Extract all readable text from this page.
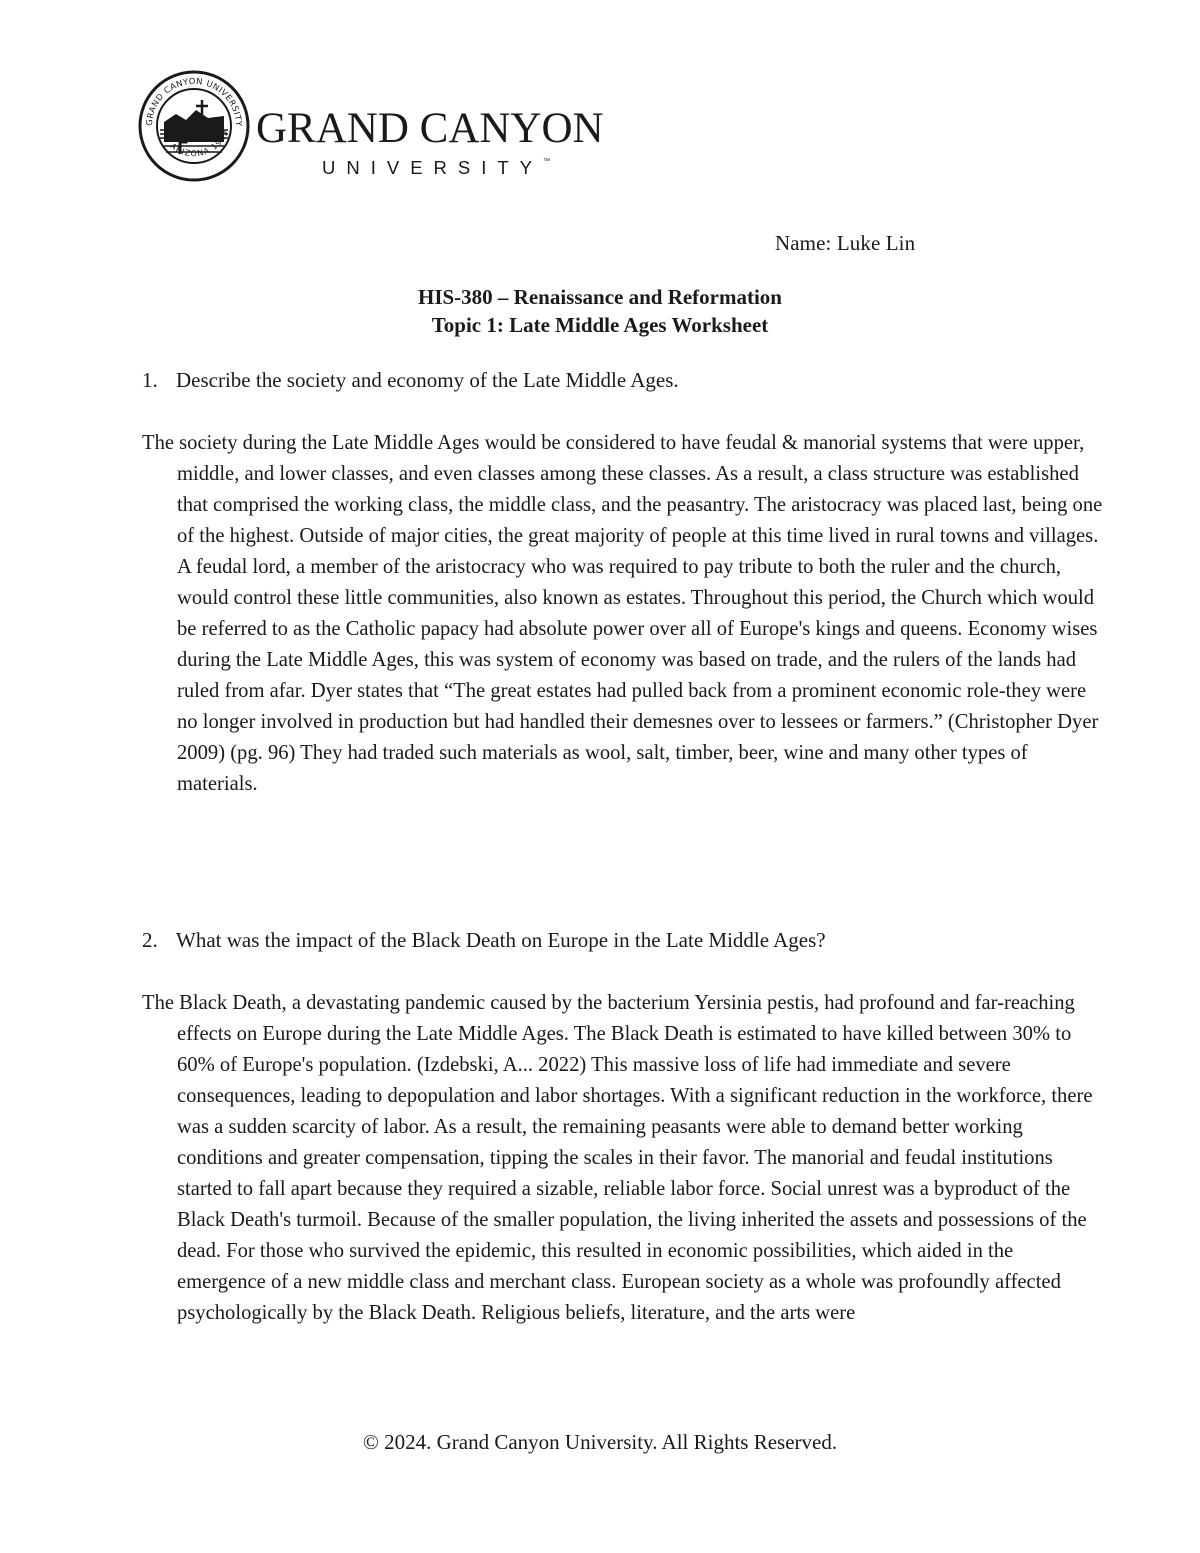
GRAND CANYON UNIVERSITY
ARIZONA 1949 GRAND CANYON
UNIVERSITY ™
Name: Luke Lin
HIS-380 – Renaissance and Reformation
Topic 1: Late Middle Ages Worksheet
1. Describe the society and economy of the Late Middle Ages.

The society during the Late Middle Ages would be considered to have feudal & manorial systems that were upper, middle, and lower classes, and even classes among these classes. As a result, a class structure was established that comprised the working class, the middle class, and the peasantry. The aristocracy was placed last, being one of the highest. Outside of major cities, the great majority of people at this time lived in rural towns and villages. A feudal lord, a member of the aristocracy who was required to pay tribute to both the ruler and the church, would control these little communities, also known as estates. Throughout this period, the Church which would be referred to as the Catholic papacy had absolute power over all of Europe's kings and queens. Economy wises during the Late Middle Ages, this was system of economy was based on trade, and the rulers of the lands had ruled from afar. Dyer states that “The great estates had pulled back from a prominent economic role-they were no longer involved in production but had handled their demesnes over to lessees or farmers.” (Christopher Dyer 2009) (pg. 96) They had traded such materials as wool, salt, timber, beer, wine and many other types of materials.

2. What was the impact of the Black Death on Europe in the Late Middle Ages?

The Black Death, a devastating pandemic caused by the bacterium Yersinia pestis, had profound and far-reaching effects on Europe during the Late Middle Ages. The Black Death is estimated to have killed between 30% to 60% of Europe's population. (Izdebski, A... 2022) This massive loss of life had immediate and severe consequences, leading to depopulation and labor shortages. With a significant reduction in the workforce, there was a sudden scarcity of labor. As a result, the remaining peasants were able to demand better working conditions and greater compensation, tipping the scales in their favor. The manorial and feudal institutions started to fall apart because they required a sizable, reliable labor force. Social unrest was a byproduct of the Black Death's turmoil. Because of the smaller population, the living inherited the assets and possessions of the dead. For those who survived the epidemic, this resulted in economic possibilities, which aided in the emergence of a new middle class and merchant class. European society as a whole was profoundly affected psychologically by the Black Death. Religious beliefs, literature, and the arts were

© 2024. Grand Canyon University. All Rights Reserved.
